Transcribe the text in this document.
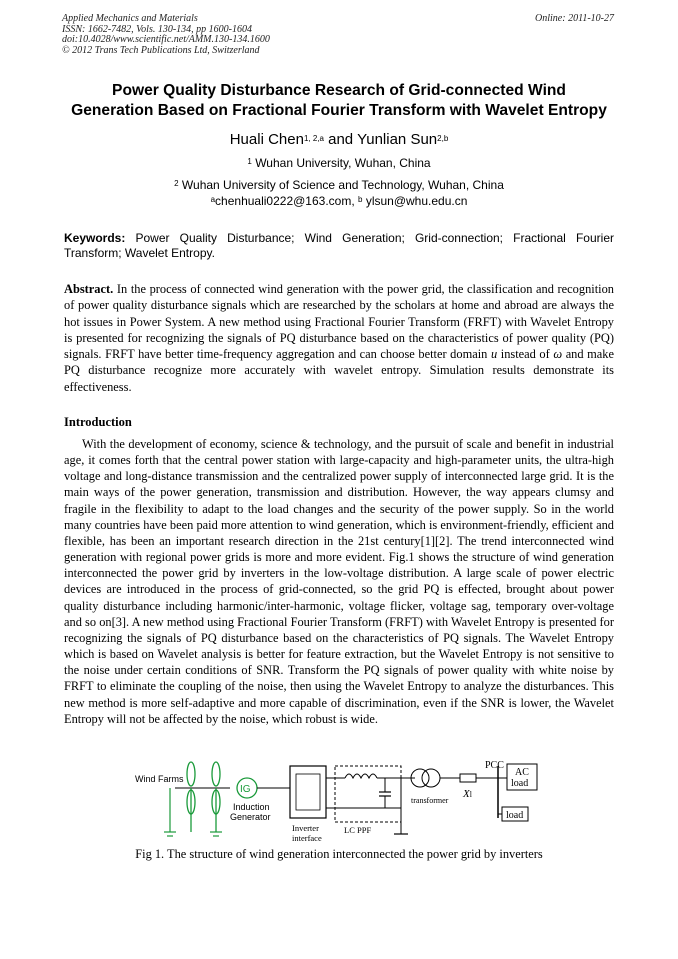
Applied Mechanics and Materials
ISSN: 1662-7482, Vols. 130-134, pp 1600-1604
doi:10.4028/www.scientific.net/AMM.130-134.1600
© 2012 Trans Tech Publications Ltd, Switzerland
Online: 2011-10-27
Power Quality Disturbance Research of Grid-connected Wind
Generation Based on Fractional Fourier Transform with Wavelet Entropy
Huali Chen$^{1, 2,a}$ and Yunlian Sun$^{2,b}$
$^1$ Wuhan University, Wuhan, China
$^2$ Wuhan University of Science and Technology, Wuhan, China
$^a$chenhuali0222@163.com, $^b$ ylsun@whu.edu.cn
Keywords: Power Quality Disturbance; Wind Generation; Grid-connection; Fractional Fourier Transform; Wavelet Entropy.
Abstract. In the process of connected wind generation with the power grid, the classification and recognition of power quality disturbance signals which are researched by the scholars at home and abroad are always the hot issues in Power System. A new method using Fractional Fourier Transform (FRFT) with Wavelet Entropy is presented for recognizing the signals of PQ disturbance based on the characteristics of power quality (PQ) signals. FRFT have better time-frequency aggregation and can choose better domain u instead of ω and make PQ disturbance recognize more accurately with wavelet entropy. Simulation results demonstrate its effectiveness.
Introduction
With the development of economy, science & technology, and the pursuit of scale and benefit in industrial age, it comes forth that the central power station with large-capacity and high-parameter units, the ultra-high voltage and long-distance transmission and the centralized power supply of interconnected large grid. It is the main ways of the power generation, transmission and distribution. However, the way appears clumsy and fragile in the flexibility to adapt to the load changes and the security of the power supply. So in the world many countries have been paid more attention to wind generation, which is environment-friendly, efficient and flexible, has been an important research direction in the 21st century[1][2]. The trend interconnected wind generation with regional power grids is more and more evident. Fig.1 shows the structure of wind generation interconnected the power grid by inverters in the low-voltage distribution. A large scale of power electric devices are introduced in the process of grid-connected, so the grid PQ is effected, brought about power quality disturbance including harmonic/inter-harmonic, voltage flicker, voltage sag, temporary over-voltage and so on[3]. A new method using Fractional Fourier Transform (FRFT) with Wavelet Entropy is presented for recognizing the signals of PQ disturbance based on the characteristics of PQ signals. The Wavelet Entropy which is based on Wavelet analysis is better for feature extraction, but the Wavelet Entropy is not sensitive to the noise under certain conditions of SNR. Transform the PQ signals of power quality with white noise by FRFT to eliminate the coupling of the noise, then using the Wavelet Entropy to analyze the disturbances. This new method is more self-adaptive and more capable of discrimination, even if the SNR is lower, the Wavelet Entropy will not be affected by the noise, which robust is wide.
Wind Farms
IG
Induction
Generator
Inverter
interface
LC PPF
transformer
Xl
PCC
AC
load
load
Fig 1. The structure of wind generation interconnected the power grid by inverters
